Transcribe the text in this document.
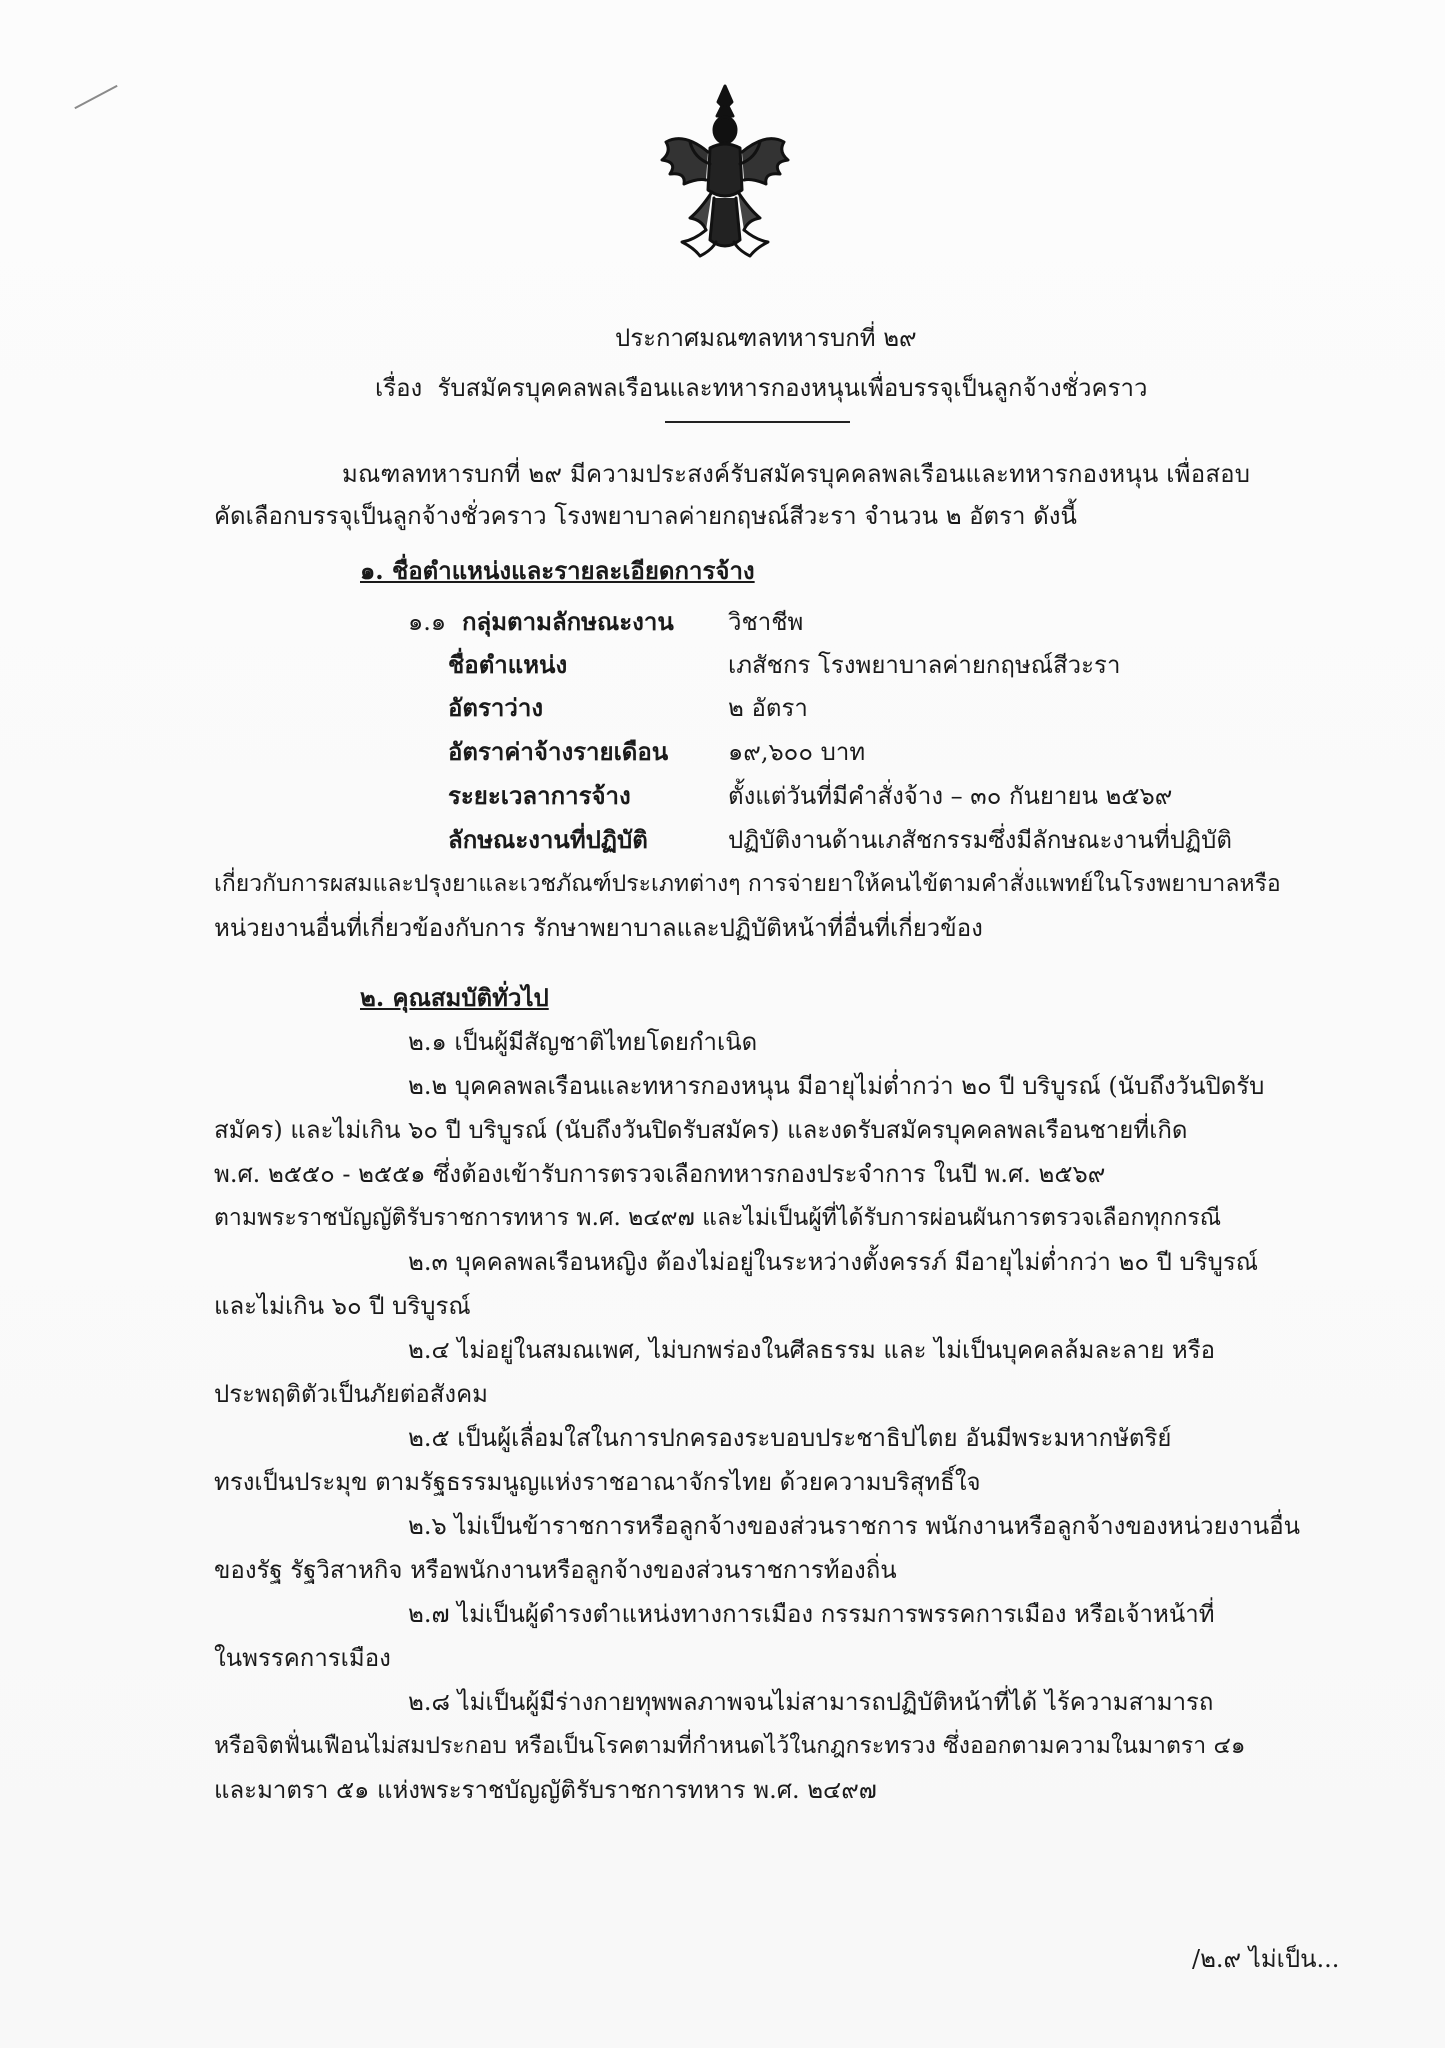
ประกาศมณฑลทหารบกที่ ๒๙
เรื่อง รับสมัครบุคคลพลเรือนและทหารกองหนุนเพื่อบรรจุเป็นลูกจ้างชั่วคราว
มณฑลทหารบกที่ ๒๙ มีความประสงค์รับสมัครบุคคลพลเรือนและทหารกองหนุน เพื่อสอบ
คัดเลือกบรรจุเป็นลูกจ้างชั่วคราว โรงพยาบาลค่ายกฤษณ์สีวะรา จำนวน ๒ อัตรา ดังนี้
๑. ชื่อตำแหน่งและรายละเอียดการจ้าง
๑.๑ กลุ่มตามลักษณะงาน วิชาชีพ
ชื่อตำแหน่ง	เภสัชกร โรงพยาบาลค่ายกฤษณ์สีวะรา
อัตราว่าง	๒ อัตรา
อัตราค่าจ้างรายเดือน ๑๙,๖๐๐ บาท
ระยะเวลาการจ้าง	ตั้งแต่วันที่มีคำสั่งจ้าง – ๓๐ กันยายน ๒๕๖๙
ลักษณะงานที่ปฏิบัติ	ปฏิบัติงานด้านเภสัชกรรมซึ่งมีลักษณะงานที่ปฏิบัติ
เกี่ยวกับการผสมและปรุงยาและเวชภัณฑ์ประเภทต่างๆ การจ่ายยาให้คนไข้ตามคำสั่งแพทย์ในโรงพยาบาลหรือ
หน่วยงานอื่นที่เกี่ยวข้องกับการ รักษาพยาบาลและปฏิบัติหน้าที่อื่นที่เกี่ยวข้อง
๒. คุณสมบัติทั่วไป
๒.๑ เป็นผู้มีสัญชาติไทยโดยกำเนิด
๒.๒ บุคคลพลเรือนและทหารกองหนุน มีอายุไม่ต่ำกว่า ๒๐ ปี บริบูรณ์ (นับถึงวันปิดรับ
สมัคร) และไม่เกิน ๖๐ ปี บริบูรณ์ (นับถึงวันปิดรับสมัคร) และงดรับสมัครบุคคลพลเรือนชายที่เกิด
พ.ศ. ๒๕๕๐ - ๒๕๕๑ ซึ่งต้องเข้ารับการตรวจเลือกทหารกองประจำการ ในปี พ.ศ. ๒๕๖๙
ตามพระราชบัญญัติรับราชการทหาร พ.ศ. ๒๔๙๗ และไม่เป็นผู้ที่ได้รับการผ่อนผันการตรวจเลือกทุกกรณี
๒.๓ บุคคลพลเรือนหญิง ต้องไม่อยู่ในระหว่างตั้งครรภ์ มีอายุไม่ต่ำกว่า ๒๐ ปี บริบูรณ์
และไม่เกิน ๖๐ ปี บริบูรณ์
๒.๔ ไม่อยู่ในสมณเพศ, ไม่บกพร่องในศีลธรรม และ ไม่เป็นบุคคลล้มละลาย หรือ
ประพฤติตัวเป็นภัยต่อสังคม
๒.๕ เป็นผู้เลื่อมใสในการปกครองระบอบประชาธิปไตย อันมีพระมหากษัตริย์
ทรงเป็นประมุข ตามรัฐธรรมนูญแห่งราชอาณาจักรไทย ด้วยความบริสุทธิ์ใจ
๒.๖ ไม่เป็นข้าราชการหรือลูกจ้างของส่วนราชการ พนักงานหรือลูกจ้างของหน่วยงานอื่น
ของรัฐ รัฐวิสาหกิจ หรือพนักงานหรือลูกจ้างของส่วนราชการท้องถิ่น
๒.๗ ไม่เป็นผู้ดำรงตำแหน่งทางการเมือง กรรมการพรรคการเมือง หรือเจ้าหน้าที่
ในพรรคการเมือง
๒.๘ ไม่เป็นผู้มีร่างกายทุพพลภาพจนไม่สามารถปฏิบัติหน้าที่ได้ ไร้ความสามารถ
หรือจิตฟั่นเฟือนไม่สมประกอบ หรือเป็นโรคตามที่กำหนดไว้ในกฎกระทรวง ซึ่งออกตามความในมาตรา ๔๑
และมาตรา ๕๑ แห่งพระราชบัญญัติรับราชการทหาร พ.ศ. ๒๔๙๗
/๒.๙ ไม่เป็น...
